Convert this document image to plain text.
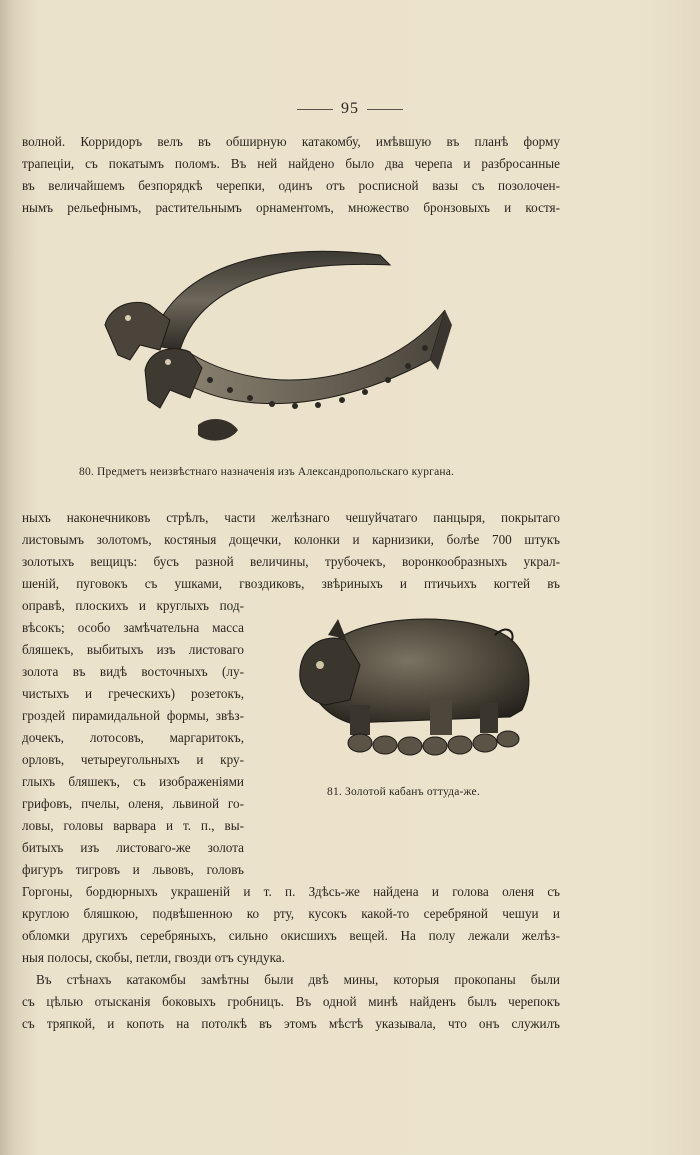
95
волной. Корридоръ велъ въ обширную катакомбу, имѣвшую въ планѣ форму
трапеціи, съ покатымъ поломъ. Въ ней найдено было два черепа и разбросанные
въ величайшемъ безпорядкѣ черепки, одинъ отъ росписной вазы съ позолочен-
нымъ рельефнымъ, растительнымъ орнаментомъ, множество бронзовыхъ и костя-
80. Предметъ неизвѣстнаго назначенія изъ Александропольскаго кургана.
ныхъ наконечниковъ стрѣлъ, части желѣзнаго чешуйчатаго панцыря, покрытаго
листовымъ золотомъ, костяныя дощечки, колонки и карнизики, болѣе 700 штукъ
золотыхъ вещицъ: бусъ разной величины, трубочекъ, воронкообразныхъ украл-
шеній, пуговокъ съ ушками, гвоздиковъ, звѣриныхъ и птичьихъ когтей въ
оправѣ, плоскихъ и круглыхъ под-
вѣсокъ; особо замѣчательна масса
бляшекъ, выбитыхъ изъ листоваго
золота въ видѣ восточныхъ (лу-
чистыхъ и греческихъ) розетокъ,
гроздей пирамидальной формы, звѣз-
дочекъ, лотосовъ, маргаритокъ,
орловъ, четыреугольныхъ и кру-
глыхъ бляшекъ, съ изображеніями
грифовъ, пчелы, оленя, львиной го-
ловы, головы варвара и т. п., вы-
битыхъ изъ листоваго-же золота
фигуръ тигровъ и львовъ, головъ
81. Золотой кабанъ оттуда-же.
Горгоны, бордюрныхъ украшеній и т. п. Здѣсь-же найдена и голова оленя съ
круглою бляшкою, подвѣшенною ко рту, кусокъ какой-то серебряной чешуи и
обломки другихъ серебряныхъ, сильно окисшихъ вещей. На полу лежали желѣз-
ныя полосы, скобы, петли, гвозди отъ сундука.
Въ стѣнахъ катакомбы замѣтны были двѣ мины, которыя прокопаны были
съ цѣлью отысканія боковыхъ гробницъ. Въ одной минѣ найденъ былъ черепокъ
съ тряпкой, и копоть на потолкѣ въ этомъ мѣстѣ указывала, что онъ служилъ
